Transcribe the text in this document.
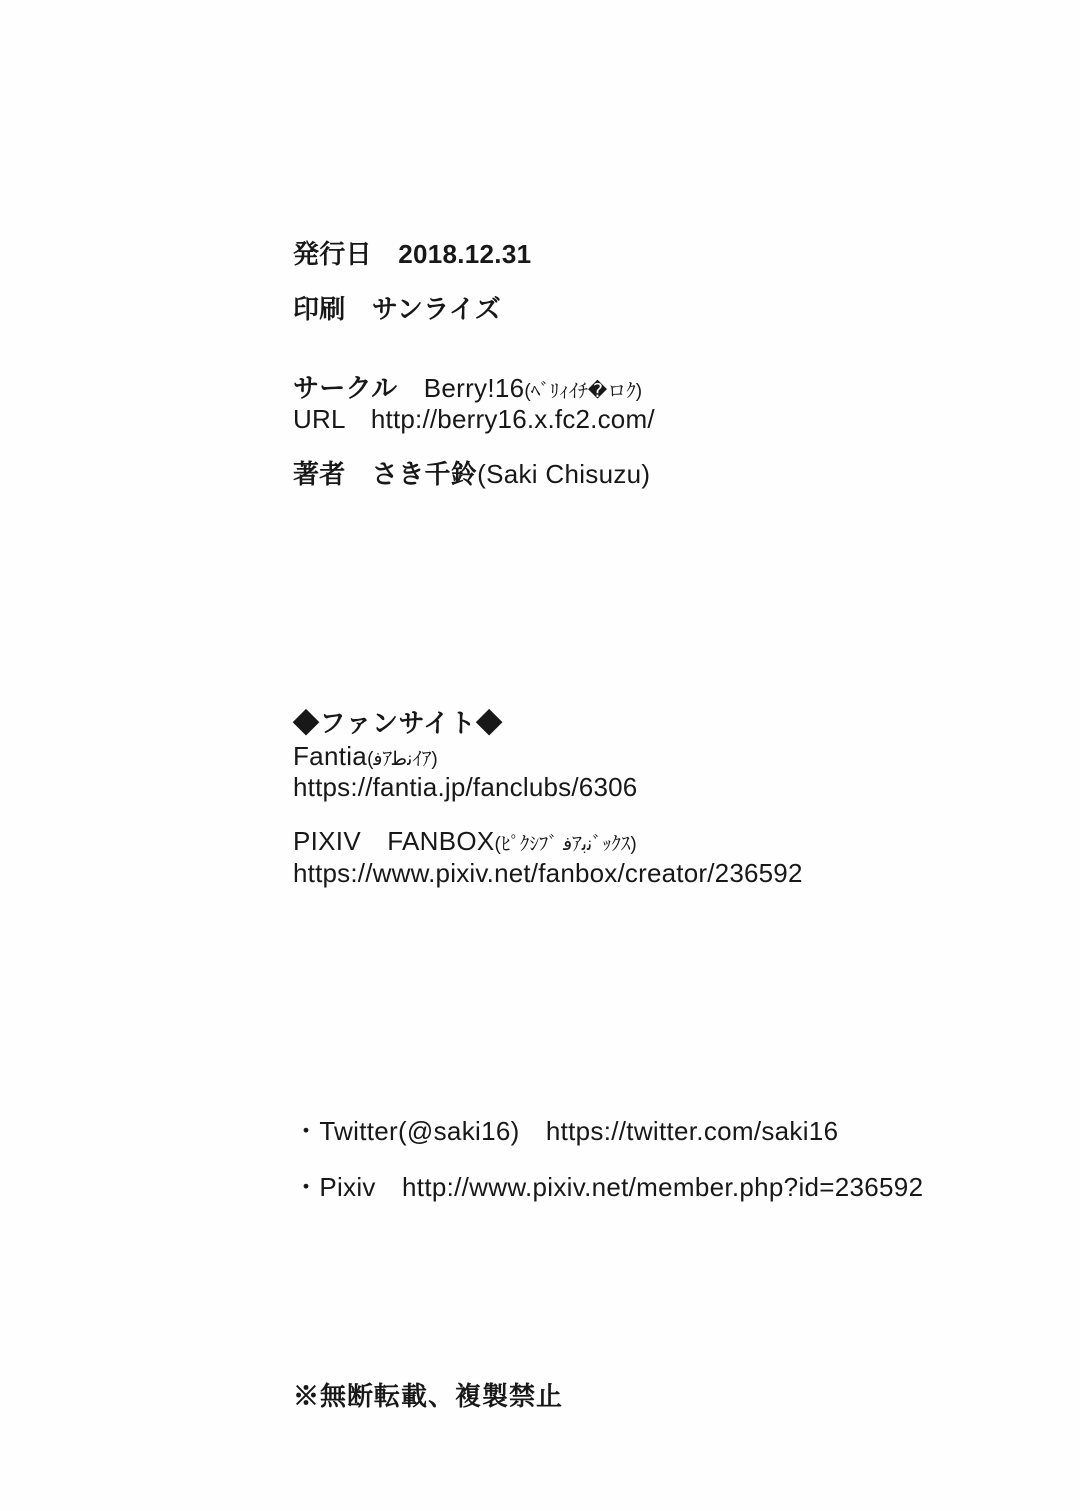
発行日　 2018.12.31
印刷　 サンライズ
サークル　 Berry!16(ﾍﾞﾘｨｲﾁ�ロｸ)
URL　 http://berry16.x.fc2.com/
著者　 さき千鈴(Saki Chisuzu)
◆ファンサイト◆
Fantia(ﻓｱﻧﻃｲｱ)
https://fantia.jp/fanclubs/6306
PIXIV　FANBOX(ﾋﾟｸｼﾌﾞ ﻓｱﻧﺑﾞｯｸｽ)
https://www.pixiv.net/fanbox/creator/236592
・Twitter(@saki16)　 https://twitter.com/saki16
・Pixiv　 http://www.pixiv.net/member.php?id=236592
※無断転載、複製禁止
